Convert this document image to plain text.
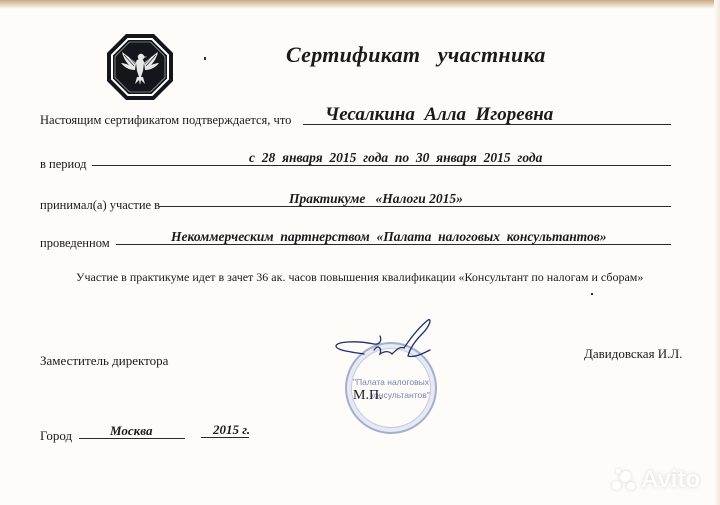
Сертификат   участника
Настоящим сертификатом подтверждается, что Чесалкина  Алла  Игоревна
в период	с  28  января  2015  года  по  30  января  2015  года
принимал(а) участие в	Практикуме   «Налоги 2015»
проведенном	Некоммерческим  партнерством  «Палата  налоговых  консультантов»
Участие в практикуме идет в зачет 36 ак. часов повышения квалификации «Консультант по налогам и сборам»
Заместитель директора	Давидовская И.Л.
"Палата налоговых
консультантов"
М.П.
Город	Москва	2015 г.
Avito
